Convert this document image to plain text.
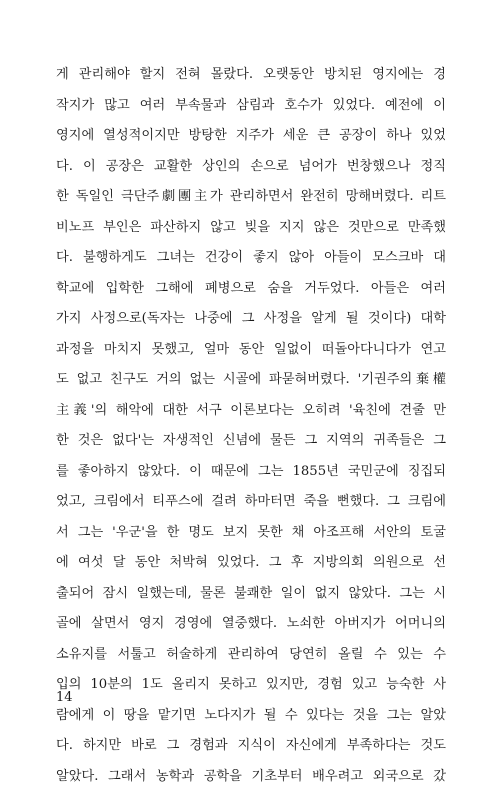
게 관리해야 할지 전혀 몰랐다. 오랫동안 방치된 영지에는 경
작지가 많고 여러 부속물과 삼림과 호수가 있었다. 예전에 이
영지에 열성적이지만 방탕한 지주가 세운 큰 공장이 하나 있었
다. 이 공장은 교활한 상인의 손으로 넘어가 번창했으나 정직
한 독일인 극단주劇團主가 관리하면서 완전히 망해버렸다. 리트
비노프 부인은 파산하지 않고 빚을 지지 않은 것만으로 만족했
다. 불행하게도 그녀는 건강이 좋지 않아 아들이 모스크바 대
학교에 입학한 그해에 폐병으로 숨을 거두었다. 아들은 여러
가지 사정으로(독자는 나중에 그 사정을 알게 될 것이다) 대학
과정을 마치지 못했고, 얼마 동안 일없이 떠돌아다니다가 연고
도 없고 친구도 거의 없는 시골에 파묻혀버렸다. '기권주의棄權
主義'의 해악에 대한 서구 이론보다는 오히려 '육친에 견줄 만
한 것은 없다'는 자생적인 신념에 물든 그 지역의 귀족들은 그
를 좋아하지 않았다. 이 때문에 그는 1855년 국민군에 징집되
었고, 크림에서 티푸스에 걸려 하마터면 죽을 뻔했다. 그 크림에
서 그는 '우군'을 한 명도 보지 못한 채 아조프해 서안의 토굴
에 여섯 달 동안 처박혀 있었다. 그 후 지방의회 의원으로 선
출되어 잠시 일했는데, 물론 불쾌한 일이 없지 않았다. 그는 시
골에 살면서 영지 경영에 열중했다. 노쇠한 아버지가 어머니의
소유지를 서툴고 허술하게 관리하여 당연히 올릴 수 있는 수
입의 10분의 1도 올리지 못하고 있지만, 경험 있고 능숙한 사
람에게 이 땅을 맡기면 노다지가 될 수 있다는 것을 그는 알았
다. 하지만 바로 그 경험과 지식이 자신에게 부족하다는 것도
알았다. 그래서 농학과 공학을 기초부터 배우려고 외국으로 갔
14
